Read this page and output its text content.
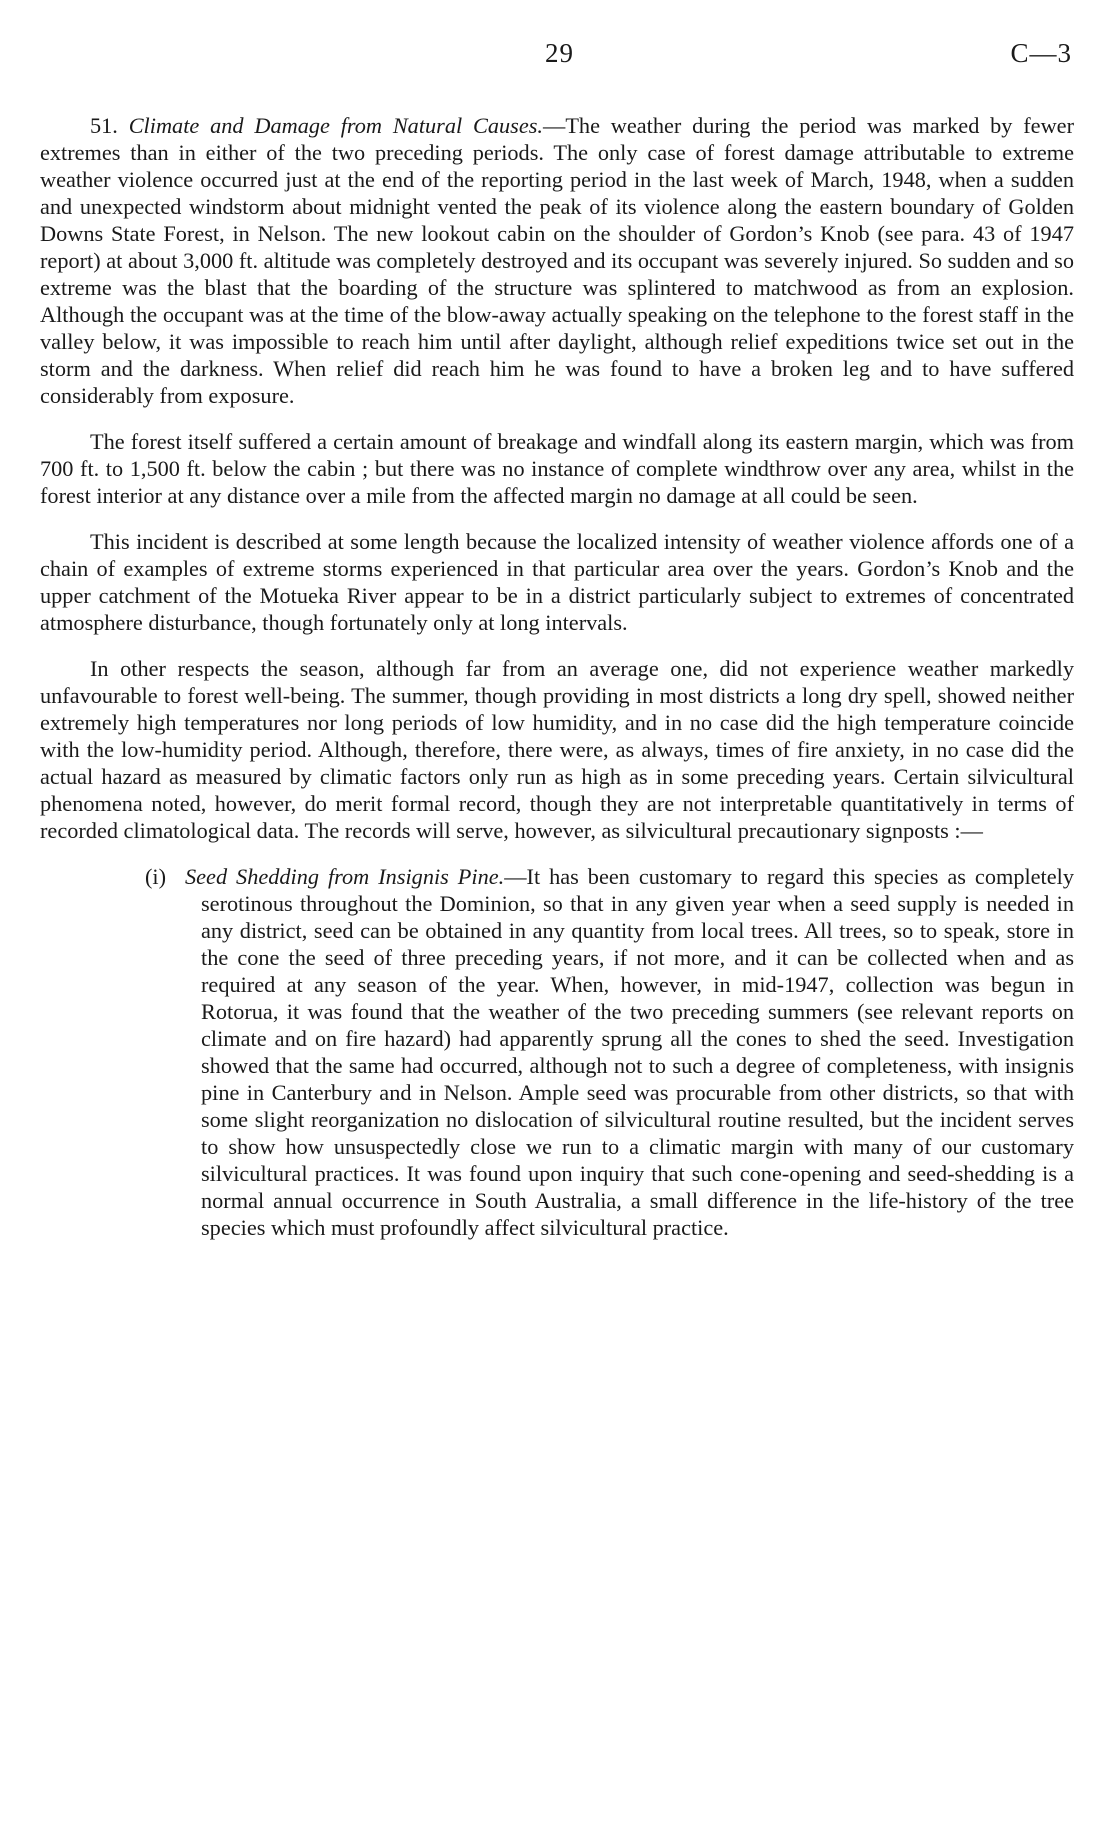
29	C—3

51. Climate and Damage from Natural Causes.—The weather during the period was marked by fewer extremes than in either of the two preceding periods. The only case of forest damage attributable to extreme weather violence occurred just at the end of the reporting period in the last week of March, 1948, when a sudden and unexpected windstorm about midnight vented the peak of its violence along the eastern boundary of Golden Downs State Forest, in Nelson. The new lookout cabin on the shoulder of Gordon’s Knob (see para. 43 of 1947 report) at about 3,000 ft. altitude was completely destroyed and its occupant was severely injured. So sudden and so extreme was the blast that the boarding of the structure was splintered to matchwood as from an explosion. Although the occupant was at the time of the blow-away actually speaking on the telephone to the forest staff in the valley below, it was impossible to reach him until after daylight, although relief expeditions twice set out in the storm and the darkness. When relief did reach him he was found to have a broken leg and to have suffered considerably from exposure.

The forest itself suffered a certain amount of breakage and windfall along its eastern margin, which was from 700 ft. to 1,500 ft. below the cabin ; but there was no instance of complete windthrow over any area, whilst in the forest interior at any distance over a mile from the affected margin no damage at all could be seen.

This incident is described at some length because the localized intensity of weather violence affords one of a chain of examples of extreme storms experienced in that particular area over the years. Gordon’s Knob and the upper catchment of the Motueka River appear to be in a district particularly subject to extremes of concentrated atmosphere disturbance, though fortunately only at long intervals.

In other respects the season, although far from an average one, did not experience weather markedly unfavourable to forest well-being. The summer, though providing in most districts a long dry spell, showed neither extremely high temperatures nor long periods of low humidity, and in no case did the high temperature coincide with the low-humidity period. Although, therefore, there were, as always, times of fire anxiety, in no case did the actual hazard as measured by climatic factors only run as high as in some preceding years. Certain silvicultural phenomena noted, however, do merit formal record, though they are not interpretable quantitatively in terms of recorded climatological data. The records will serve, however, as silvicultural precautionary signposts :—

(i) Seed Shedding from Insignis Pine.—It has been customary to regard this species as completely serotinous throughout the Dominion, so that in any given year when a seed supply is needed in any district, seed can be obtained in any quantity from local trees. All trees, so to speak, store in the cone the seed of three preceding years, if not more, and it can be collected when and as required at any season of the year. When, however, in mid-1947, collection was begun in Rotorua, it was found that the weather of the two preceding summers (see relevant reports on climate and on fire hazard) had apparently sprung all the cones to shed the seed. Investigation showed that the same had occurred, although not to such a degree of completeness, with insignis pine in Canterbury and in Nelson. Ample seed was procurable from other districts, so that with some slight reorganization no dislocation of silvicultural routine resulted, but the incident serves to show how unsuspectedly close we run to a climatic margin with many of our customary silvicultural practices. It was found upon inquiry that such cone-opening and seed-shedding is a normal annual occurrence in South Australia, a small difference in the life-history of the tree species which must profoundly affect silvicultural practice.
